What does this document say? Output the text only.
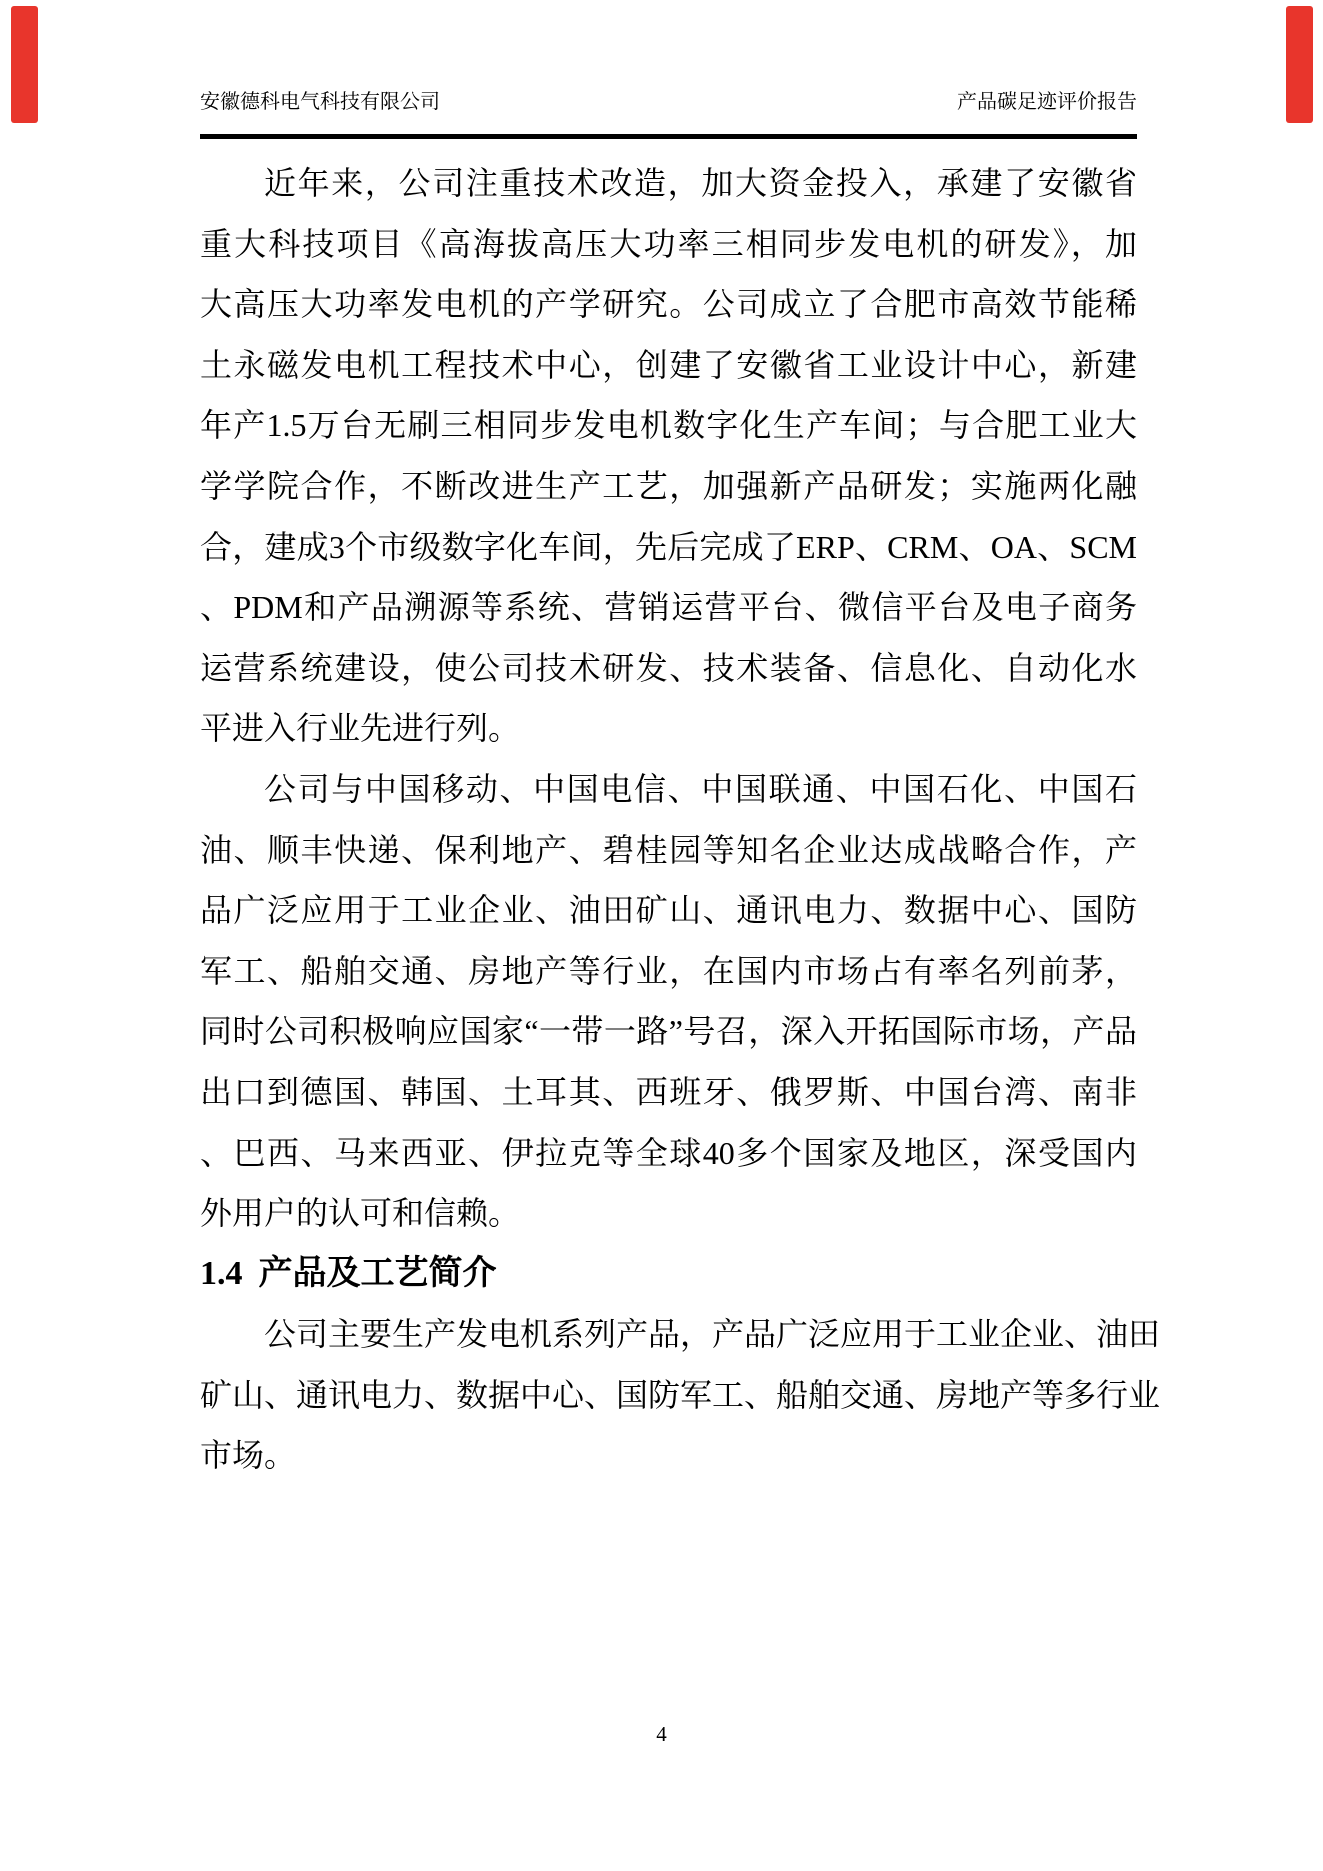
安徽德科电气科技有限公司	产品碳足迹评价报告
近年来，公司注重技术改造，加大资金投入，承建了安徽省
重大科技项目《高海拔高压大功率三相同步发电机的研发》，加
大高压大功率发电机的产学研究。公司成立了合肥市高效节能稀
土永磁发电机工程技术中心，创建了安徽省工业设计中心，新建
年产1.5万台无刷三相同步发电机数字化生产车间；与合肥工业大
学学院合作，不断改进生产工艺，加强新产品研发；实施两化融
合，建成3个市级数字化车间，先后完成了ERP、CRM、OA、SCM
、PDM和产品溯源等系统、营销运营平台、微信平台及电子商务
运营系统建设，使公司技术研发、技术装备、信息化、自动化水
平进入行业先进行列。
公司与中国移动、中国电信、中国联通、中国石化、中国石
油、顺丰快递、保利地产、碧桂园等知名企业达成战略合作，产
品广泛应用于工业企业、油田矿山、通讯电力、数据中心、国防
军工、船舶交通、房地产等行业，在国内市场占有率名列前茅，
同时公司积极响应国家“一带一路”号召，深入开拓国际市场，产品
出口到德国、韩国、土耳其、西班牙、俄罗斯、中国台湾、南非
、巴西、马来西亚、伊拉克等全球40多个国家及地区，深受国内
外用户的认可和信赖。
1.4 产品及工艺简介
公司主要生产发电机系列产品，产品广泛应用于工业企业、油田
矿山、通讯电力、数据中心、国防军工、船舶交通、房地产等多行业
市场。
4
